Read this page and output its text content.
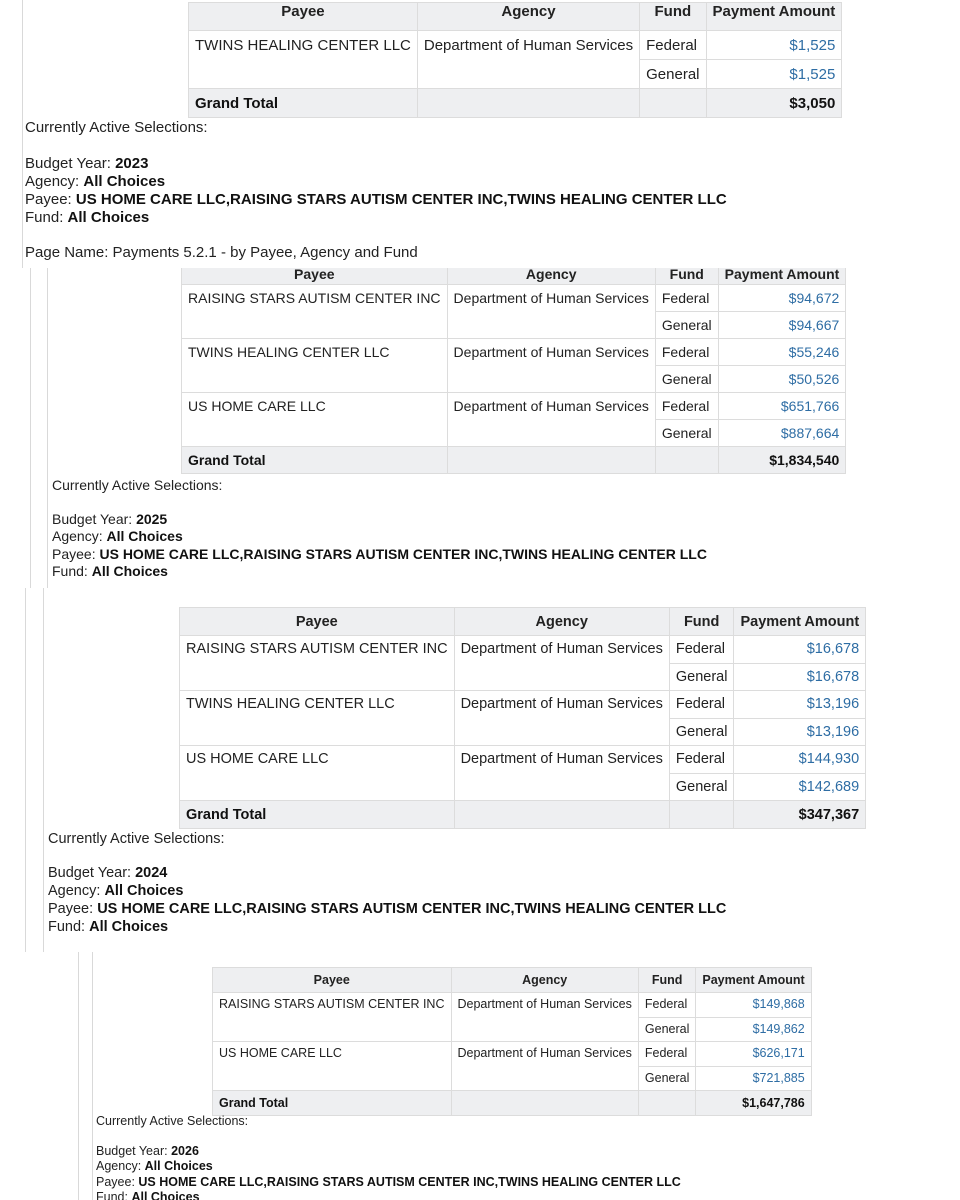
Payee	Agency	Fund	Payment Amount
TWINS HEALING CENTER LLC	Department of Human Services	Federal	$1,525
		General	$1,525
Grand Total			$3,050
Currently Active Selections:
Budget Year: 2023
Agency: All Choices
Payee: US HOME CARE LLC,RAISING STARS AUTISM CENTER INC,TWINS HEALING CENTER LLC
Fund: All Choices
Page Name: Payments 5.2.1 - by Payee, Agency and Fund
Payee	Agency	Fund	Payment Amount
RAISING STARS AUTISM CENTER INC	Department of Human Services	Federal	$94,672
		General	$94,667
TWINS HEALING CENTER LLC	Department of Human Services	Federal	$55,246
		General	$50,526
US HOME CARE LLC	Department of Human Services	Federal	$651,766
		General	$887,664
Grand Total			$1,834,540
Currently Active Selections:
Budget Year: 2025
Agency: All Choices
Payee: US HOME CARE LLC,RAISING STARS AUTISM CENTER INC,TWINS HEALING CENTER LLC
Fund: All Choices
Payee	Agency	Fund	Payment Amount
RAISING STARS AUTISM CENTER INC	Department of Human Services	Federal	$16,678
		General	$16,678
TWINS HEALING CENTER LLC	Department of Human Services	Federal	$13,196
		General	$13,196
US HOME CARE LLC	Department of Human Services	Federal	$144,930
		General	$142,689
Grand Total			$347,367
Currently Active Selections:
Budget Year: 2024
Agency: All Choices
Payee: US HOME CARE LLC,RAISING STARS AUTISM CENTER INC,TWINS HEALING CENTER LLC
Fund: All Choices
Payee	Agency	Fund	Payment Amount
RAISING STARS AUTISM CENTER INC	Department of Human Services	Federal	$149,868
		General	$149,862
US HOME CARE LLC	Department of Human Services	Federal	$626,171
		General	$721,885
Grand Total			$1,647,786
Currently Active Selections:
Budget Year: 2026
Agency: All Choices
Payee: US HOME CARE LLC,RAISING STARS AUTISM CENTER INC,TWINS HEALING CENTER LLC
Fund: All Choices
